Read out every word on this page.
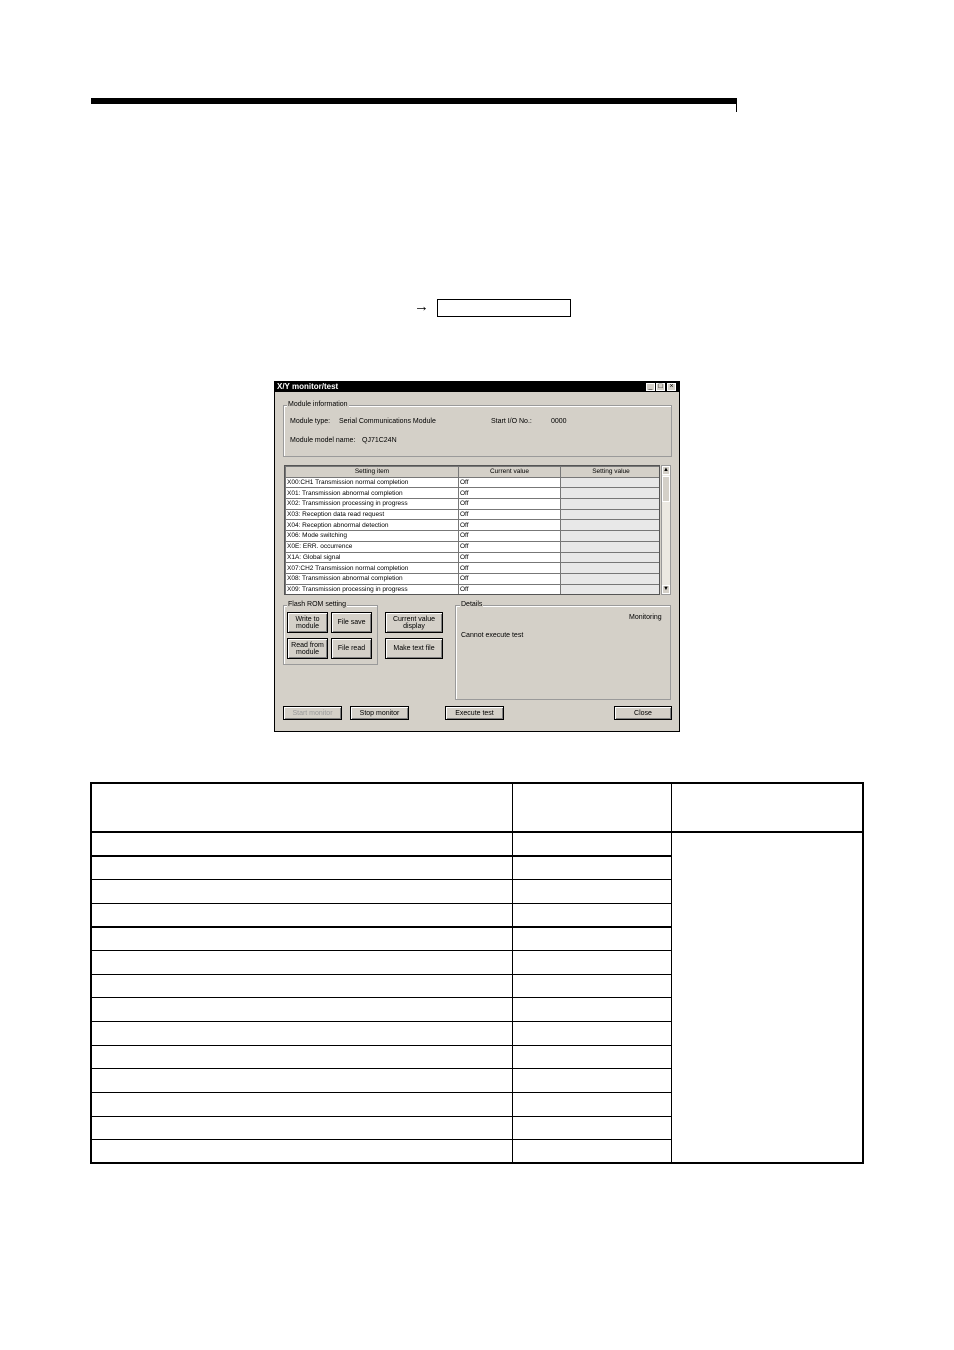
→
X/Y monitor/test	_ □ ×
Module information
Module type: Serial Communications Module	Start I/O No.:	0000
Module model name: QJ71C24N
Setting item	Current value	Setting value
X00:CH1 Transmission normal completion	Off	
X01: Transmission abnormal completion	Off	
X02: Transmission processing in progress	Off	
X03: Reception data read request	Off	
X04: Reception abnormal detection	Off	
X06: Mode switching	Off	
X0E: ERR. occurrence	Off	
X1A: Global signal	Off	
X07:CH2 Transmission normal completion	Off	
X08: Transmission abnormal completion	Off	
X09: Transmission processing in progress	Off	
▲
▼
Flash ROM setting
Write to
module	File save
Read from
module	File read
Current value
display
Make text file
Details
Monitoring
Cannot execute test
Start monitor	Stop monitor	Execute test	Close
